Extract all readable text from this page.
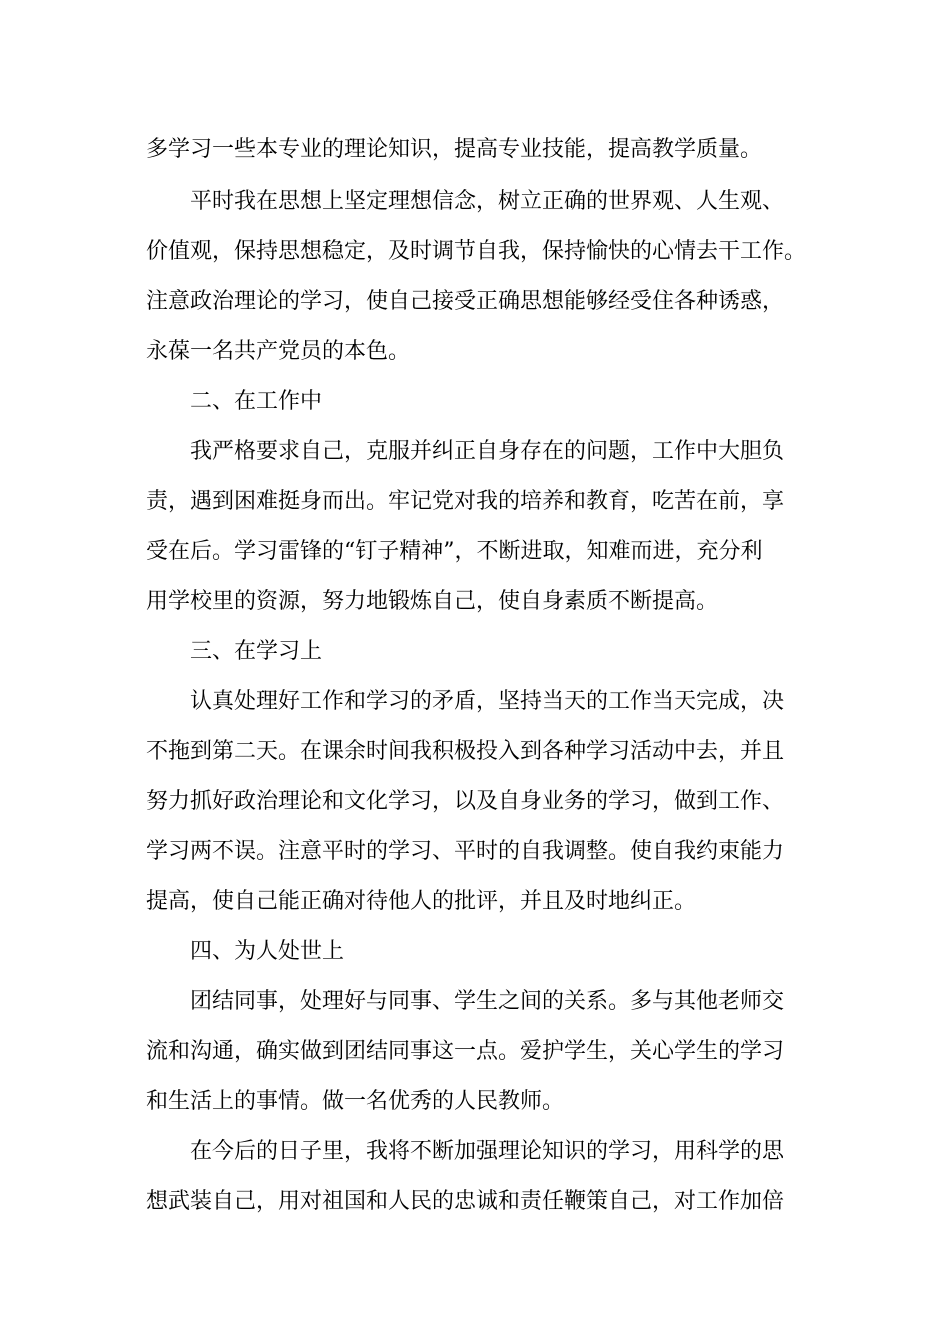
多学习一些本专业的理论知识，提高专业技能，提高教学质量。
平时我在思想上坚定理想信念，树立正确的世界观、人生观、
价值观，保持思想稳定，及时调节自我，保持愉快的心情去干工作。
注意政治理论的学习，使自己接受正确思想能够经受住各种诱惑，
永葆一名共产党员的本色。
二、在工作中
我严格要求自己，克服并纠正自身存在的问题，工作中大胆负
责，遇到困难挺身而出。牢记党对我的培养和教育，吃苦在前，享
受在后。学习雷锋的“钉子精神”，不断进取，知难而进，充分利
用学校里的资源，努力地锻炼自己，使自身素质不断提高。
三、在学习上
认真处理好工作和学习的矛盾，坚持当天的工作当天完成，决
不拖到第二天。在课余时间我积极投入到各种学习活动中去，并且
努力抓好政治理论和文化学习，以及自身业务的学习，做到工作、
学习两不误。注意平时的学习、平时的自我调整。使自我约束能力
提高，使自己能正确对待他人的批评，并且及时地纠正。
四、为人处世上
团结同事，处理好与同事、学生之间的关系。多与其他老师交
流和沟通，确实做到团结同事这一点。爱护学生，关心学生的学习
和生活上的事情。做一名优秀的人民教师。
在今后的日子里，我将不断加强理论知识的学习，用科学的思
想武装自己，用对祖国和人民的忠诚和责任鞭策自己，对工作加倍
